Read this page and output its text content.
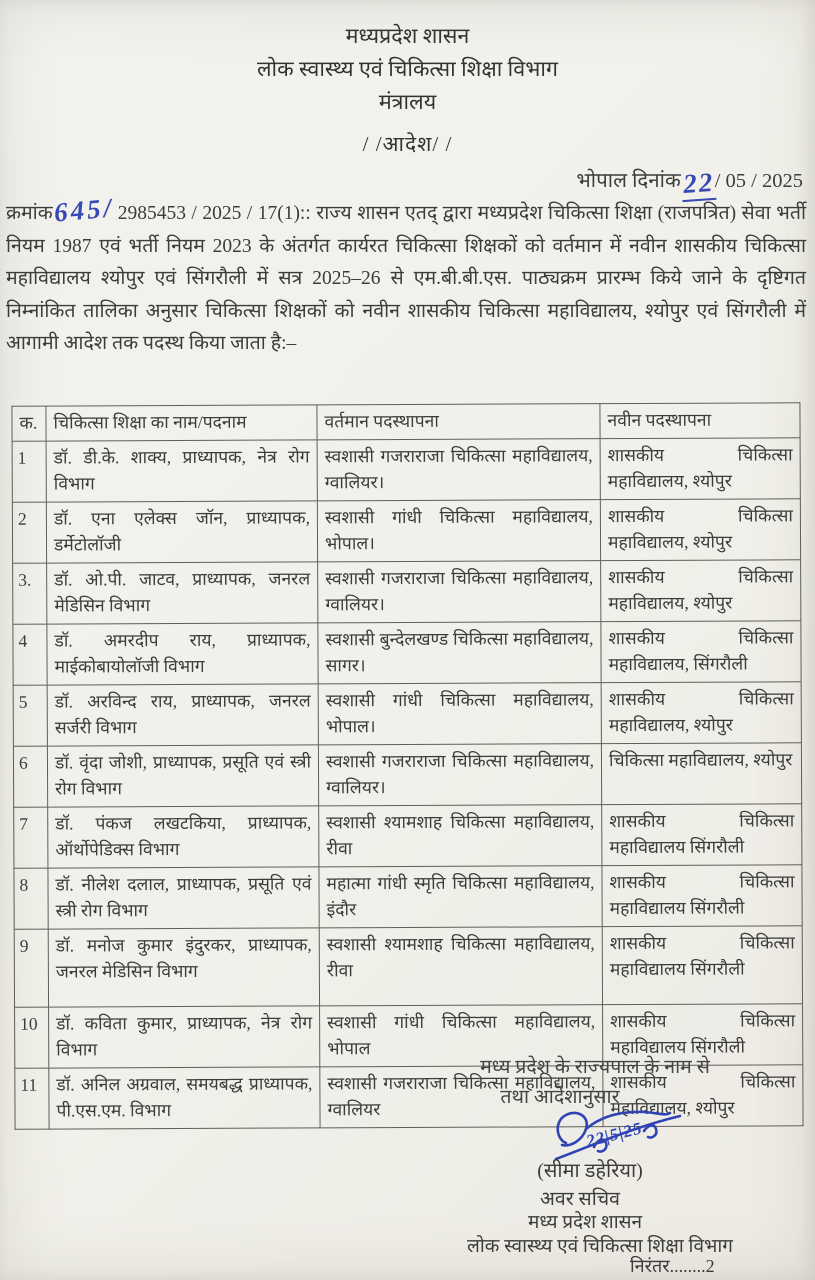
मध्यप्रदेश शासन
लोक स्वास्थ्य एवं चिकित्सा शिक्षा विभाग
मंत्रालय
/ /आदेश/ /
भोपाल दिनांक22/ 05 / 2025

क्रमांक645/ 2985453 / 2025 / 17(1):: राज्य शासन एतद् द्वारा मध्यप्रदेश चिकित्सा शिक्षा (राजपत्रित) सेवा भर्ती नियम 1987 एवं भर्ती नियम 2023 के अंतर्गत कार्यरत चिकित्सा शिक्षकों को वर्तमान में नवीन शासकीय चिकित्सा महाविद्यालय श्योपुर एवं सिंगरौली में सत्र 2025–26 से एम.बी.बी.एस. पाठ्यक्रम प्रारम्भ किये जाने के दृष्टिगत निम्नांकित तालिका अनुसार चिकित्सा शिक्षकों को नवीन शासकीय चिकित्सा महाविद्यालय, श्योपुर एवं सिंगरौली में आगामी आदेश तक पदस्थ किया जाता है:–

क.	चिकित्सा शिक्षा का नाम/पदनाम	वर्तमान पदस्थापना	नवीन पदस्थापना
1	डॉ. डी.के. शाक्य, प्राध्यापक, नेत्र रोग विभाग	स्वशासी गजराराजा चिकित्सा महाविद्यालय, ग्वालियर।	शासकीय चिकित्सा महाविद्यालय, श्योपुर
2	डॉ. एना एलेक्स जॉन, प्राध्यापक, डर्मेटोलॉजी	स्वशासी गांधी चिकित्सा महाविद्यालय, भोपाल।	शासकीय चिकित्सा महाविद्यालय, श्योपुर
3.	डॉ. ओ.पी. जाटव, प्राध्यापक, जनरल मेडिसिन विभाग	स्वशासी गजराराजा चिकित्सा महाविद्यालय, ग्वालियर।	शासकीय चिकित्सा महाविद्यालय, श्योपुर
4	डॉ. अमरदीप राय, प्राध्यापक, माईकोबायोलॉजी विभाग	स्वशासी बुन्देलखण्ड चिकित्सा महाविद्यालय, सागर।	शासकीय चिकित्सा महाविद्यालय, सिंगरौली
5	डॉ. अरविन्द राय, प्राध्यापक, जनरल सर्जरी विभाग	स्वशासी गांधी चिकित्सा महाविद्यालय, भोपाल।	शासकीय चिकित्सा महाविद्यालय, श्योपुर
6	डॉ. वृंदा जोशी, प्राध्यापक, प्रसूति एवं स्त्री रोग विभाग	स्वशासी गजराराजा चिकित्सा महाविद्यालय, ग्वालियर।	चिकित्सा महाविद्यालय, श्योपुर
7	डॉ. पंकज लखटकिया, प्राध्यापक, ऑर्थोपेडिक्स विभाग	स्वशासी श्यामशाह चिकित्सा महाविद्यालय, रीवा	शासकीय चिकित्सा महाविद्यालय सिंगरौली
8	डॉ. नीलेश दलाल, प्राध्यापक, प्रसूति एवं स्त्री रोग विभाग	महात्मा गांधी स्मृति चिकित्सा महाविद्यालय, इंदौर	शासकीय चिकित्सा महाविद्यालय सिंगरौली
9	डॉ. मनोज कुमार इंदुरकर, प्राध्यापक, जनरल मेडिसिन विभाग	स्वशासी श्यामशाह चिकित्सा महाविद्यालय, रीवा	शासकीय चिकित्सा महाविद्यालय सिंगरौली
10	डॉ. कविता कुमार, प्राध्यापक, नेत्र रोग विभाग	स्वशासी गांधी चिकित्सा महाविद्यालय, भोपाल	शासकीय चिकित्सा महाविद्यालय सिंगरौली
11	डॉ. अनिल अग्रवाल, समयबद्ध प्राध्यापक, पी.एस.एम. विभाग	स्वशासी गजराराजा चिकित्सा महाविद्यालय, ग्वालियर	शासकीय चिकित्सा महाविद्यालय, श्योपुर
मध्य प्रदेश के राज्यपाल के नाम से
तथा आदेशानुसार
22|5|25
(सीमा डहेरिया)
अवर सचिव
मध्य प्रदेश शासन
लोक स्वास्थ्य एवं चिकित्सा शिक्षा विभाग
निरंतर........2
